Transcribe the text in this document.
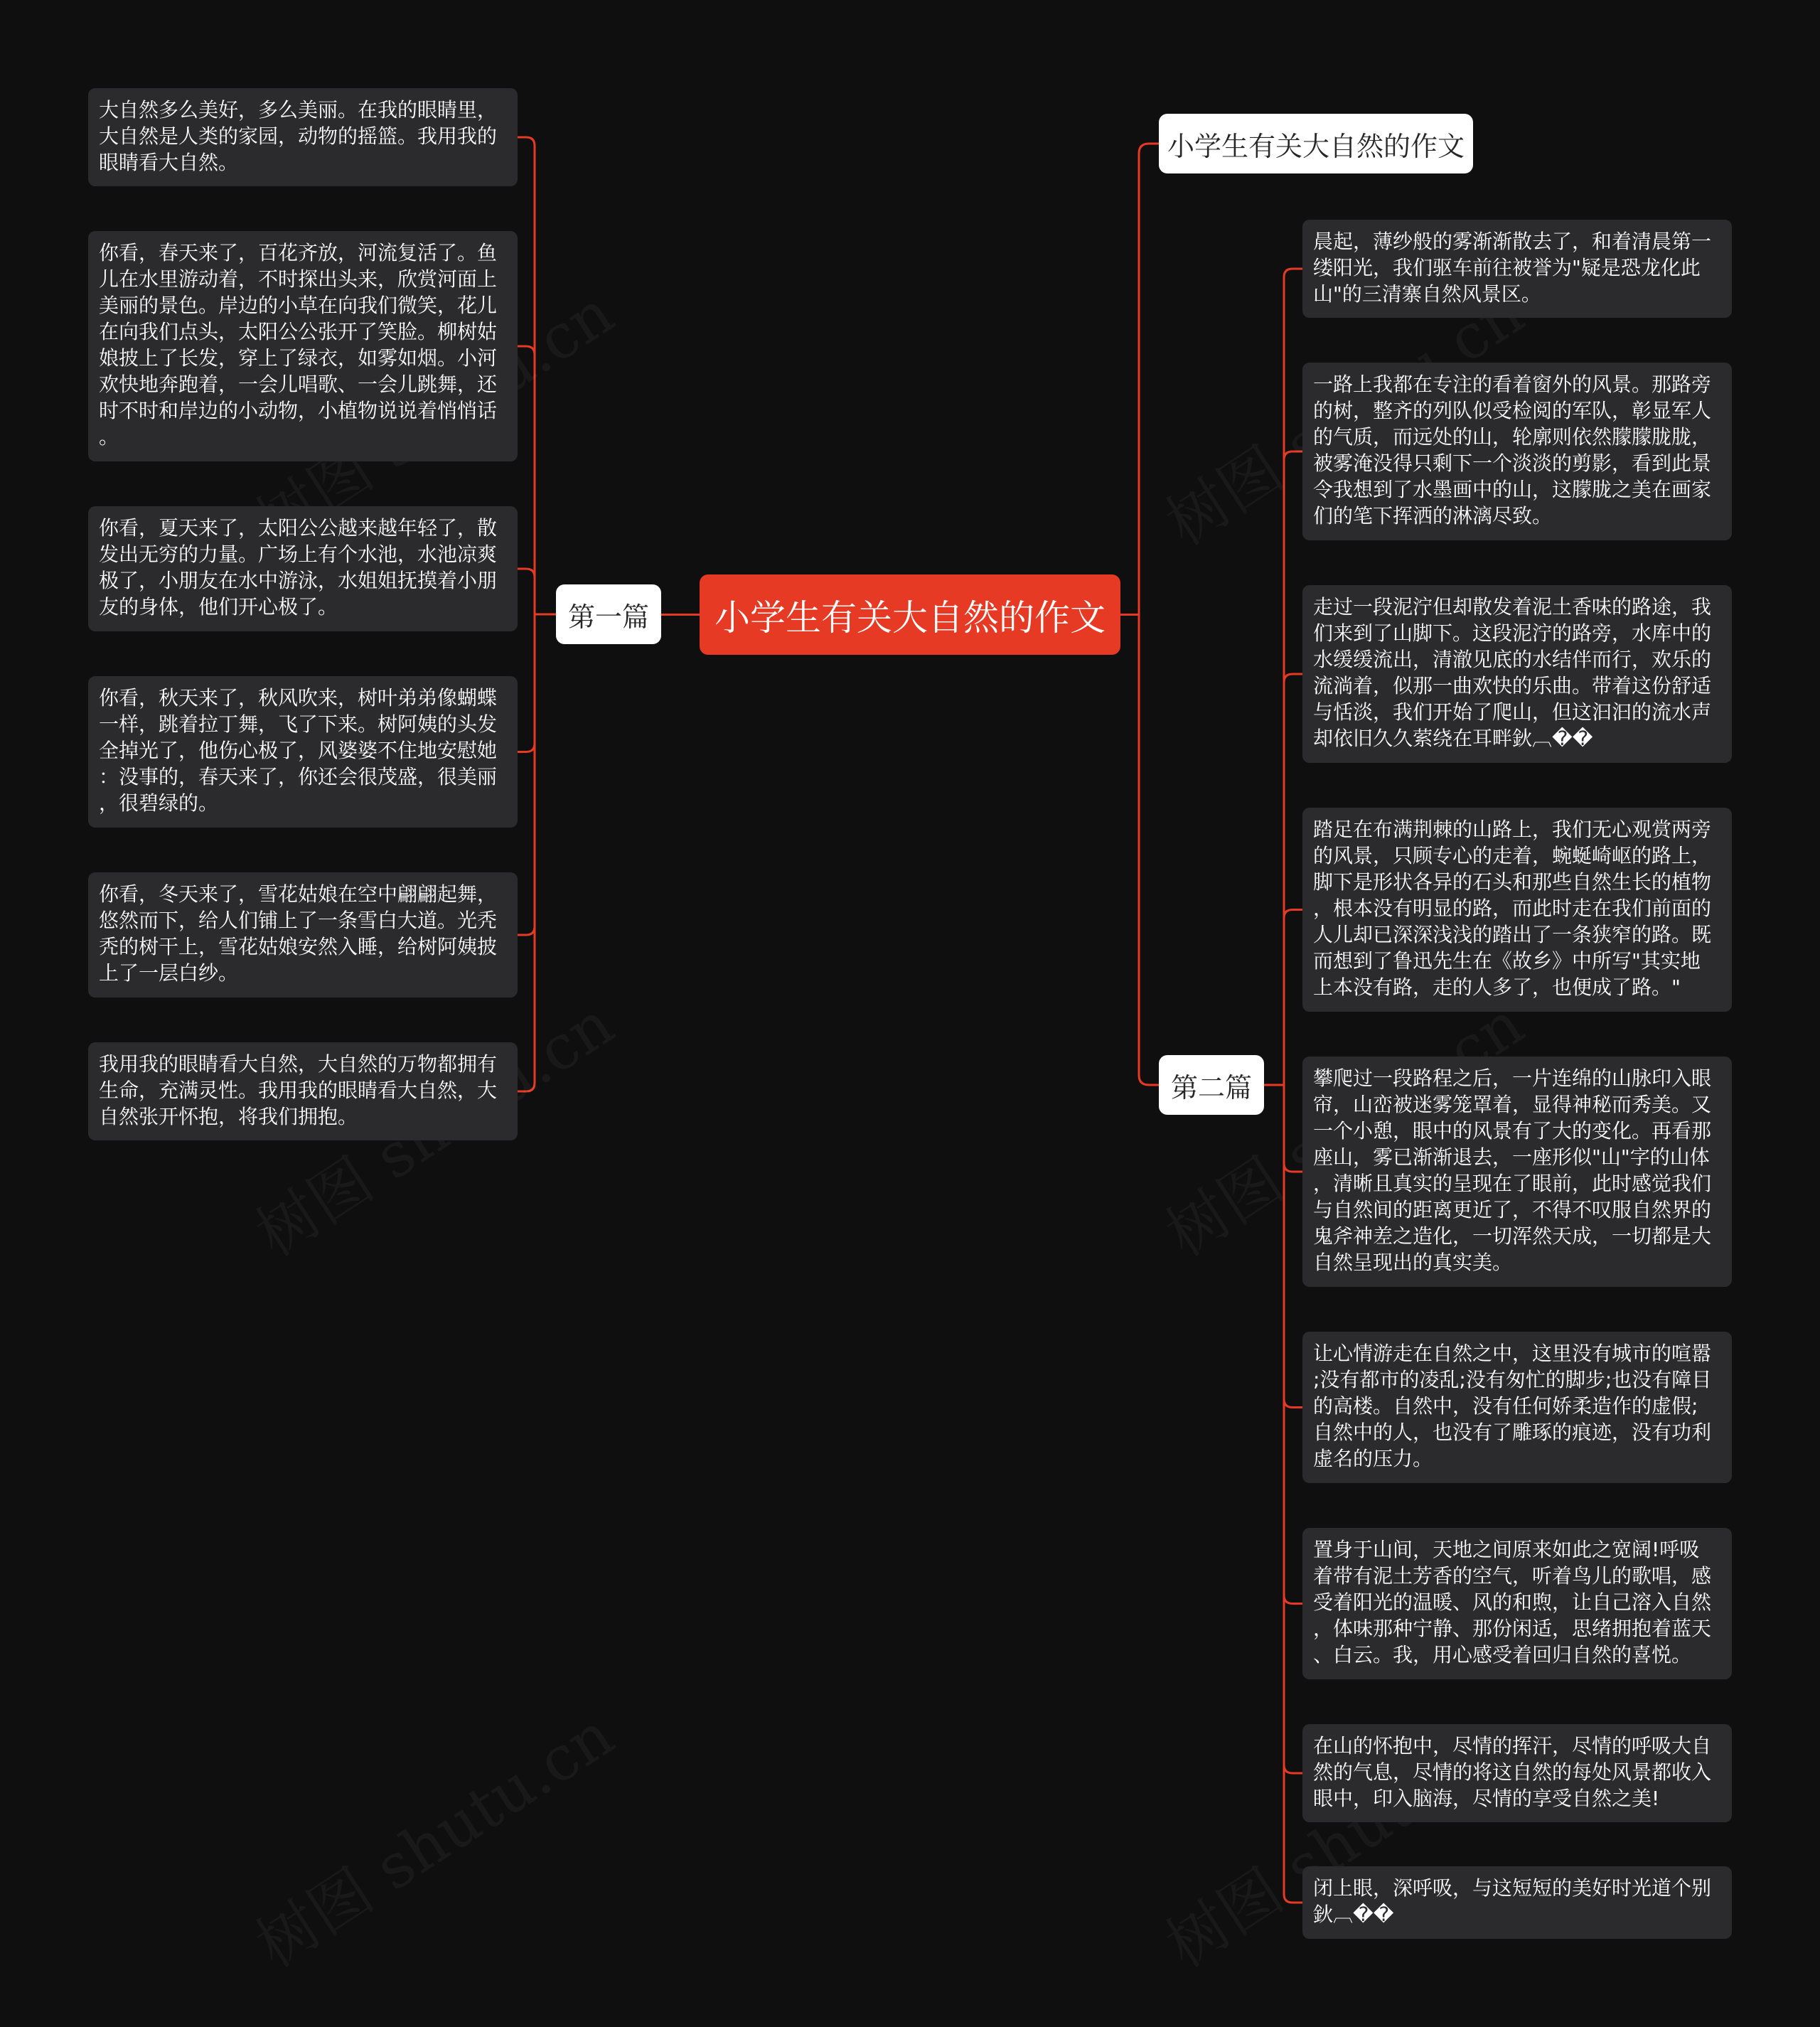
小学生有关大自然的作文
小学生有关大自然的作文
第一篇
第二篇
大自然多么美好，多么美丽。在我的眼睛里，
大自然是人类的家园，动物的摇篮。我用我的
眼睛看大自然。
你看，春天来了，百花齐放，河流复活了。鱼
儿在水里游动着，不时探出头来，欣赏河面上
美丽的景色。岸边的小草在向我们微笑，花儿
在向我们点头，太阳公公张开了笑脸。柳树姑
娘披上了长发，穿上了绿衣，如雾如烟。小河
欢快地奔跑着，一会儿唱歌、一会儿跳舞，还
时不时和岸边的小动物，小植物说说着悄悄话
。
你看，夏天来了，太阳公公越来越年轻了，散
发出无穷的力量。广场上有个水池，水池凉爽
极了，小朋友在水中游泳，水姐姐抚摸着小朋
友的身体，他们开心极了。
你看，秋天来了，秋风吹来，树叶弟弟像蝴蝶
一样，跳着拉丁舞，飞了下来。树阿姨的头发
全掉光了，他伤心极了，风婆婆不住地安慰她
：没事的，春天来了，你还会很茂盛，很美丽
，很碧绿的。
你看，冬天来了，雪花姑娘在空中翩翩起舞，
悠然而下，给人们铺上了一条雪白大道。光秃
秃的树干上，雪花姑娘安然入睡，给树阿姨披
上了一层白纱。
我用我的眼睛看大自然，大自然的万物都拥有
生命，充满灵性。我用我的眼睛看大自然，大
自然张开怀抱，将我们拥抱。
晨起，薄纱般的雾渐渐散去了，和着清晨第一
缕阳光，我们驱车前往被誉为"疑是恐龙化此
山"的三清寨自然风景区。
一路上我都在专注的看着窗外的风景。那路旁
的树，整齐的列队似受检阅的军队，彰显军人
的气质，而远处的山，轮廓则依然朦朦胧胧，
被雾淹没得只剩下一个淡淡的剪影，看到此景
令我想到了水墨画中的山，这朦胧之美在画家
们的笔下挥洒的淋漓尽致。
走过一段泥泞但却散发着泥土香味的路途，我
们来到了山脚下。这段泥泞的路旁，水库中的
水缓缓流出，清澈见底的水结伴而行，欢乐的
流淌着，似那一曲欢快的乐曲。带着这份舒适
与恬淡，我们开始了爬山，但这汩汩的流水声
却依旧久久萦绕在耳畔鈥︹��
踏足在布满荆棘的山路上，我们无心观赏两旁
的风景，只顾专心的走着，蜿蜒崎岖的路上，
脚下是形状各异的石头和那些自然生长的植物
，根本没有明显的路，而此时走在我们前面的
人儿却已深深浅浅的踏出了一条狭窄的路。既
而想到了鲁迅先生在《故乡》中所写"其实地
上本没有路，走的人多了，也便成了路。"
攀爬过一段路程之后，一片连绵的山脉印入眼
帘，山峦被迷雾笼罩着，显得神秘而秀美。又
一个小憩，眼中的风景有了大的变化。再看那
座山，雾已渐渐退去，一座形似"山"字的山体
，清晰且真实的呈现在了眼前，此时感觉我们
与自然间的距离更近了，不得不叹服自然界的
鬼斧神差之造化，一切浑然天成，一切都是大
自然呈现出的真实美。
让心情游走在自然之中，这里没有城市的喧嚣
;没有都市的凌乱;没有匆忙的脚步;也没有障目
的高楼。自然中，没有任何娇柔造作的虚假;
自然中的人，也没有了雕琢的痕迹，没有功利
虚名的压力。
置身于山间，天地之间原来如此之宽阔!呼吸
着带有泥土芳香的空气，听着鸟儿的歌唱，感
受着阳光的温暖、风的和煦，让自己溶入自然
，体味那种宁静、那份闲适，思绪拥抱着蓝天
、白云。我，用心感受着回归自然的喜悦。
在山的怀抱中，尽情的挥汗，尽情的呼吸大自
然的气息，尽情的将这自然的每处风景都收入
眼中，印入脑海，尽情的享受自然之美!
闭上眼，深呼吸，与这短短的美好时光道个别
鈥︹��
